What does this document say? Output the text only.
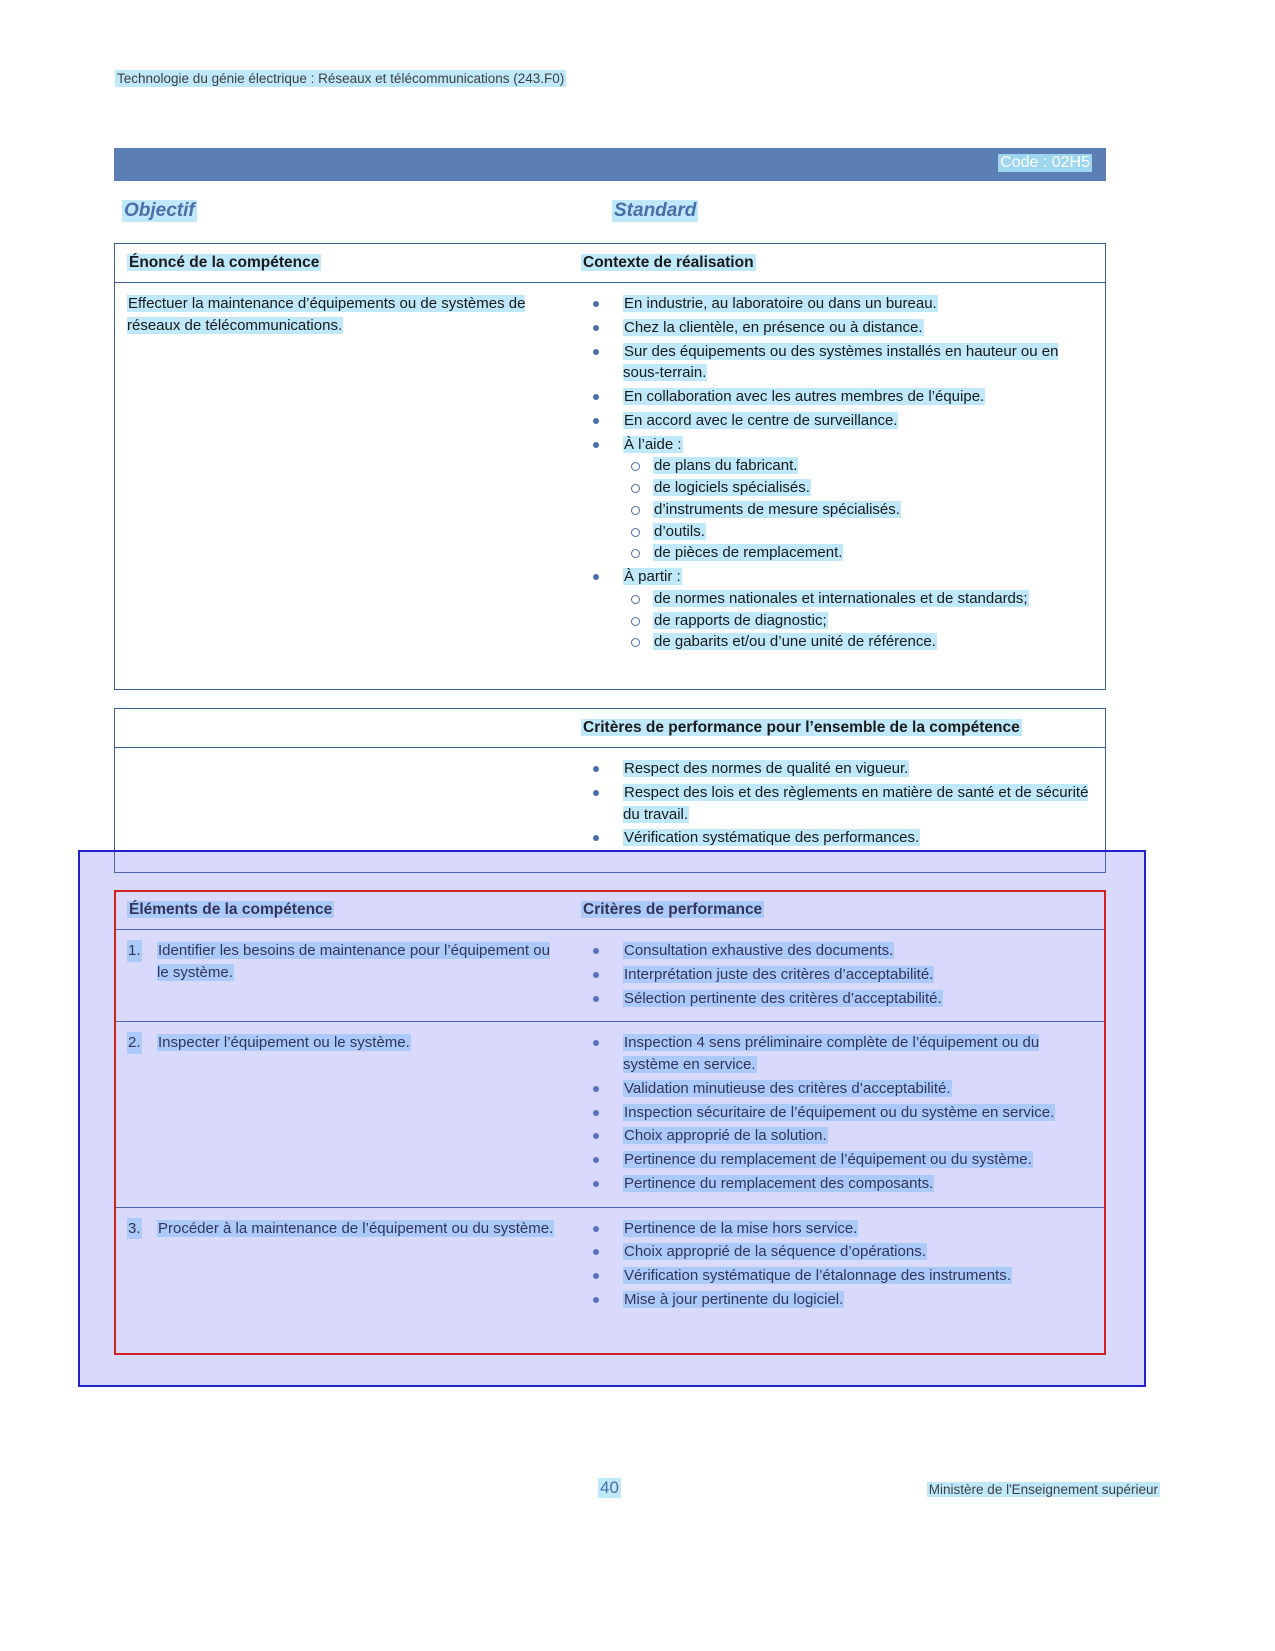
Technologie du génie électrique : Réseaux et télécommunications (243.F0)
Code : 02H5
Objectif	Standard
Énoncé de la compétence	Contexte de réalisation
Effectuer la maintenance d’équipements ou de systèmes de réseaux de télécommunications.
En industrie, au laboratoire ou dans un bureau.
Chez la clientèle, en présence ou à distance.
Sur des équipements ou des systèmes installés en hauteur ou en sous-terrain.
En collaboration avec les autres membres de l’équipe.
En accord avec le centre de surveillance.
À l’aide :
de plans du fabricant.
de logiciels spécialisés.
d’instruments de mesure spécialisés.
d’outils.
de pièces de remplacement.
À partir :
de normes nationales et internationales et de standards;
de rapports de diagnostic;
de gabarits et/ou d’une unité de référence.
Critères de performance pour l’ensemble de la compétence
Respect des normes de qualité en vigueur.
Respect des lois et des règlements en matière de santé et de sécurité du travail.
Vérification systématique des performances.
Éléments de la compétence	Critères de performance
1. Identifier les besoins de maintenance pour l’équipement ou le système.
Consultation exhaustive des documents.
Interprétation juste des critères d’acceptabilité.
Sélection pertinente des critères d’acceptabilité.
2. Inspecter l’équipement ou le système.	Inspection 4 sens préliminaire complète de l’équipement ou du système en service.
Validation minutieuse des critères d’acceptabilité.
Inspection sécuritaire de l’équipement ou du système en service.
Choix approprié de la solution.
Pertinence du remplacement de l’équipement ou du système.
Pertinence du remplacement des composants.
3. Procéder à la maintenance de l’équipement ou du système.	Pertinence de la mise hors service.
Choix approprié de la séquence d’opérations.
Vérification systématique de l’étalonnage des instruments.
Mise à jour pertinente du logiciel.
40	Ministère de l'Enseignement supérieur
